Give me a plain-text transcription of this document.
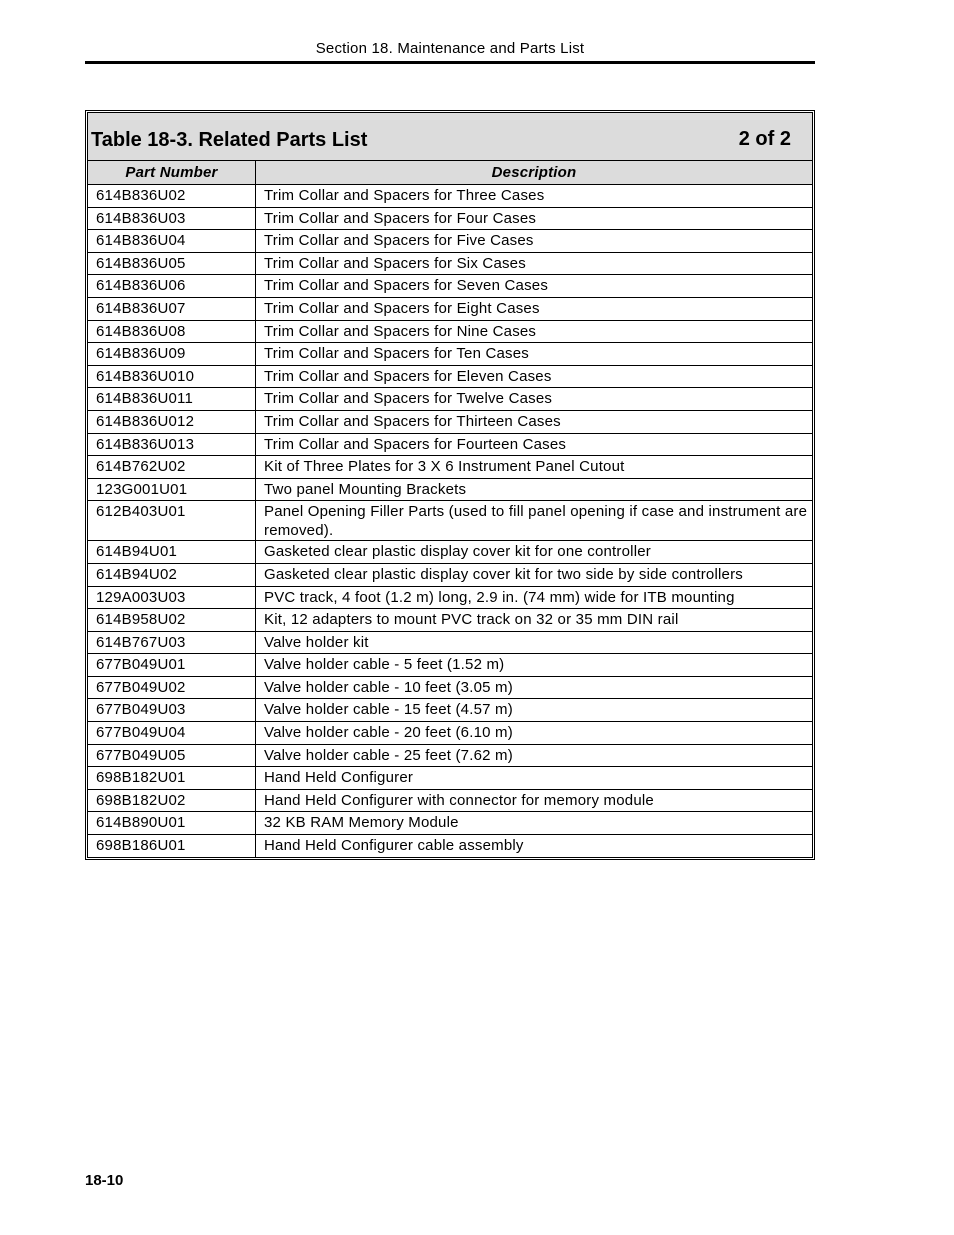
Section 18. Maintenance and Parts List
Table 18-3. Related Parts List	2 of 2
Part Number	Description
614B836U02	Trim Collar and Spacers for Three Cases
614B836U03	Trim Collar and Spacers for Four Cases
614B836U04	Trim Collar and Spacers for Five Cases
614B836U05	Trim Collar and Spacers for Six Cases
614B836U06	Trim Collar and Spacers for Seven Cases
614B836U07	Trim Collar and Spacers for Eight Cases
614B836U08	Trim Collar and Spacers for Nine Cases
614B836U09	Trim Collar and Spacers for Ten Cases
614B836U010	Trim Collar and Spacers for Eleven Cases
614B836U011	Trim Collar and Spacers for Twelve Cases
614B836U012	Trim Collar and Spacers for Thirteen Cases
614B836U013	Trim Collar and Spacers for Fourteen Cases
614B762U02	Kit of Three Plates for 3 X 6 Instrument Panel Cutout
123G001U01	Two panel Mounting Brackets
612B403U01	Panel Opening Filler Parts (used to fill panel opening if case and instrument are removed).
614B94U01	Gasketed clear plastic display cover kit for one controller
614B94U02	Gasketed clear plastic display cover kit for two side by side controllers
129A003U03	PVC track, 4 foot (1.2 m) long, 2.9 in. (74 mm) wide for ITB mounting
614B958U02	Kit, 12 adapters to mount PVC track on 32 or 35 mm DIN rail
614B767U03	Valve holder kit
677B049U01	Valve holder cable - 5 feet (1.52 m)
677B049U02	Valve holder cable - 10 feet (3.05 m)
677B049U03	Valve holder cable - 15 feet (4.57 m)
677B049U04	Valve holder cable - 20 feet (6.10 m)
677B049U05	Valve holder cable - 25 feet (7.62 m)
698B182U01	Hand Held Configurer
698B182U02	Hand Held Configurer with connector for memory module
614B890U01	32 KB RAM Memory Module
698B186U01	Hand Held Configurer cable assembly
18-10
